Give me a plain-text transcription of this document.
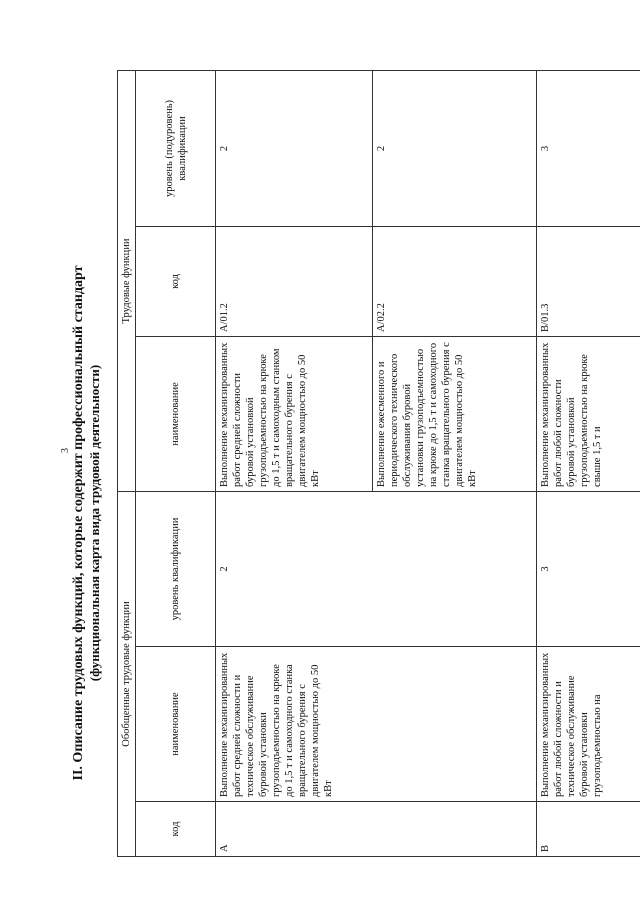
3 II. Описание трудовых функций, которые содержит профессиональный стандарт (функциональная карта вида трудовой деятельности) Обобщенные трудовые функции			Трудовые функции		
код	наименование	уровень квалификации	наименование	код	уровень (подуровень) квалификации
А	Выполнение механизированных работ средней сложности и техническое обслуживание буровой установки грузоподъемностью на крюке до 1,5 т и самоходного станка вращательного бурения с двигателем мощностью до 50 кВт	2	Выполнение механизированных работ средней сложности буровой установкой грузоподъемностью на крюке до 1,5 т и самоходным станком вращательного бурения с двигателем мощностью до 50 кВт	А/01.2	2
			Выполнение ежесменного и периодического технического обслуживания буровой установки грузоподъемностью на крюке до 1,5 т и самоходного станка вращательного бурения с двигателем мощностью до 50 кВт	А/02.2	2
В	Выполнение механизированных работ любой сложности и техническое обслуживание буровой установки грузоподъемностью на	3	Выполнение механизированных работ любой сложности буровой установкой грузоподъемностью на крюке свыше 1,5 т и	В/01.3	3
